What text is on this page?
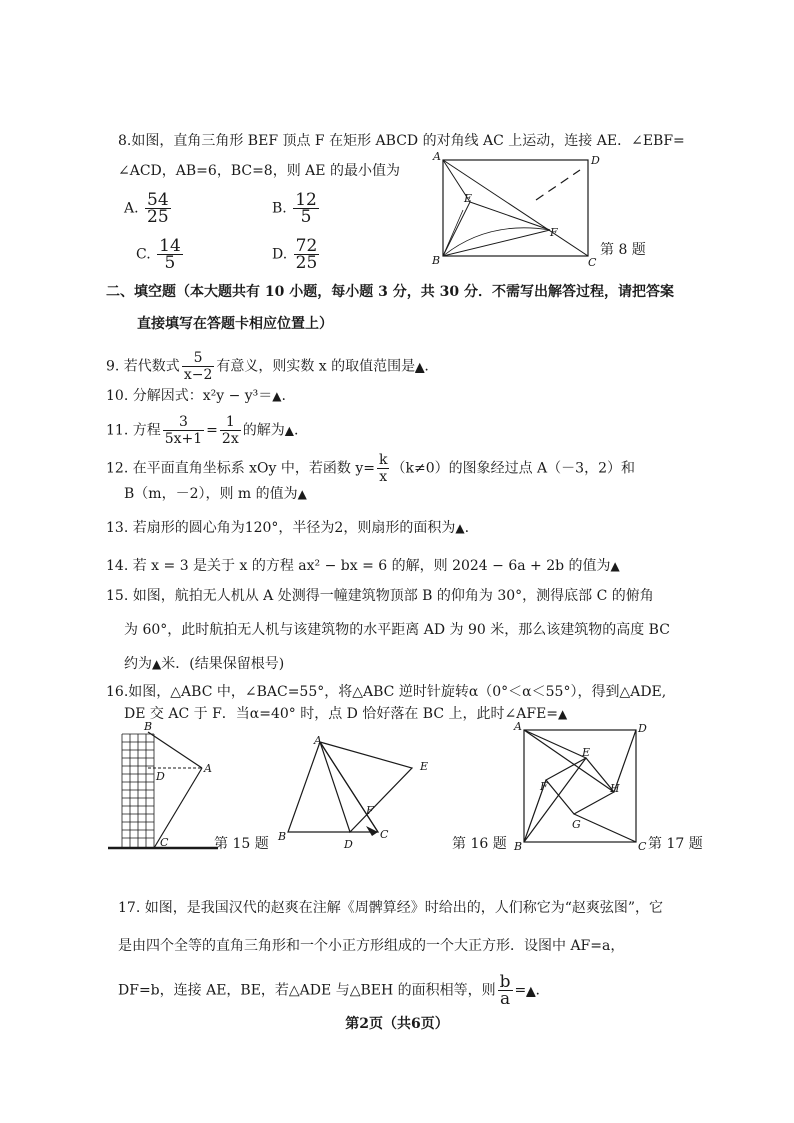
8.如图，直角三角形 BEF 顶点 F 在矩形 ABCD 的对角线 AC 上运动，连接 AE．∠EBF=
∠ACD，AB=6，BC=8，则 AE 的最小值为
A. $\frac{54}{25}$	B. $\frac{12}{5}$
C. $\frac{14}{5}$	D. $\frac{72}{25}$
A	D
B	C
E
F
第 8 题
二、填空题（本大题共有 10 小题，每小题 3 分，共 30 分．不需写出解答过程，请把答案
直接填写在答题卡相应位置上）
9. 若代数式 $\frac{5}{x-2}$ 有意义，则实数 x 的取值范围是▲.
10. 分解因式：x²y − y³＝▲.
11. 方程 $\frac{3}{5x+1} = \frac{1}{2x}$ 的解为▲.
12. 在平面直角坐标系 xOy 中，若函数 $y= \frac{k}{x} (k\ne 0)$的图象经过点 A（－3，2）和
B（m，－2），则 m 的值为▲
13. 若扇形的圆心角为120°，半径为2，则扇形的面积为▲.
14. 若 x = 3 是关于 x 的方程 ax² − bx = 6 的解，则 2024 − 6a + 2b 的值为▲
15. 如图，航拍无人机从 A 处测得一幢建筑物顶部 B 的仰角为 30°，测得底部 C 的俯角
为 60°，此时航拍无人机与该建筑物的水平距离 AD 为 90 米，那么该建筑物的高度 BC
约为▲米．(结果保留根号)
16.如图，△ABC 中，∠BAC=55°，将△ABC 逆时针旋转α（0°＜α＜55°），得到△ADE,
DE 交 AC 于 F．当α=40° 时，点 D 恰好落在 BC 上，此时∠AFE=▲
B
A
D
C	第 15 题
A
B	C
D
E
F
第 16 题
A	D
B	C
E
F
G
H
第 17 题
17. 如图，是我国汉代的赵爽在注解《周髀算经》时给出的，人们称它为“赵爽弦图”，它
是由四个全等的直角三角形和一个小正方形组成的一个大正方形．设图中 AF=a，
DF=b，连接 AE，BE，若△ADE 与△BEH 的面积相等，则 $\frac{b}{a}$ =▲.
第2页（共6页）
